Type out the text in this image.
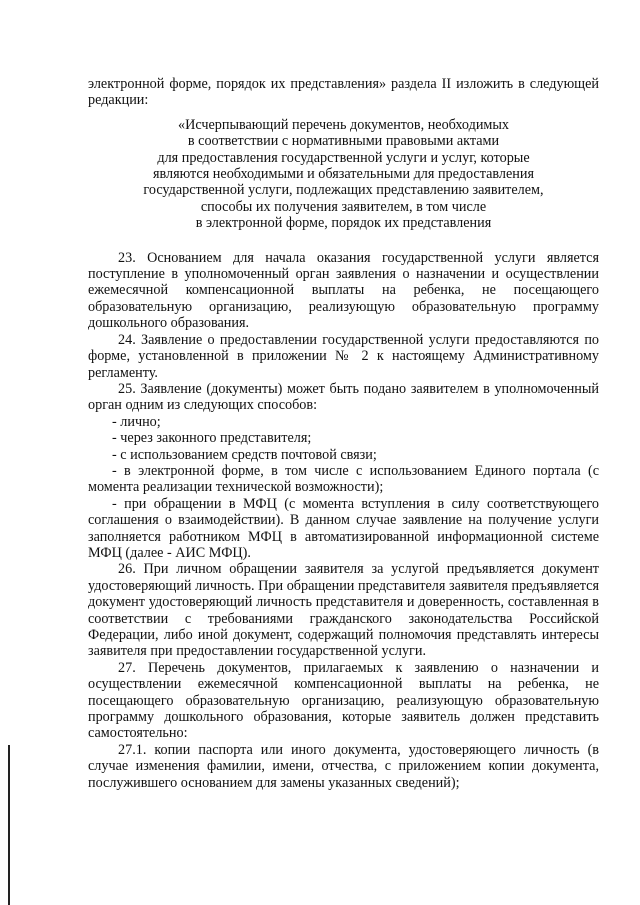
электронной форме, порядок их представления» раздела II изложить в следующей редакции:

«Исчерпывающий перечень документов, необходимых
в соответствии с нормативными правовыми актами
для предоставления государственной услуги и услуг, которые
являются необходимыми и обязательными для предоставления
государственной услуги, подлежащих представлению заявителем,
способы их получения заявителем, в том числе
в электронной форме, порядок их представления

23. Основанием для начала оказания государственной услуги является поступление в уполномоченный орган заявления о назначении и осуществлении ежемесячной компенсационной выплаты на ребенка, не посещающего образовательную организацию, реализующую образовательную программу дошкольного образования.

24. Заявление о предоставлении государственной услуги предоставляются по форме, установленной в приложении № 2 к настоящему Административному регламенту.

25. Заявление (документы) может быть подано заявителем в уполномоченный орган одним из следующих способов:

- лично;

- через законного представителя;

- с использованием средств почтовой связи;

- в электронной форме, в том числе с использованием Единого портала (с момента реализации технической возможности);

- при обращении в МФЦ (с момента вступления в силу соответствующего соглашения о взаимодействии). В данном случае заявление на получение услуги заполняется работником МФЦ в автоматизированной информационной системе МФЦ (далее - АИС МФЦ).

26. При личном обращении заявителя за услугой предъявляется документ удостоверяющий личность. При обращении представителя заявителя предъявляется документ удостоверяющий личность представителя и доверенность, составленная в соответствии с требованиями гражданского законодательства Российской Федерации, либо иной документ, содержащий полномочия представлять интересы заявителя при предоставлении государственной услуги.

27. Перечень документов, прилагаемых к заявлению о назначении и осуществлении ежемесячной компенсационной выплаты на ребенка, не посещающего образовательную организацию, реализующую образовательную программу дошкольного образования, которые заявитель должен представить самостоятельно:

27.1. копии паспорта или иного документа, удостоверяющего личность (в случае изменения фамилии, имени, отчества, с приложением копии документа, послужившего основанием для замены указанных сведений);
